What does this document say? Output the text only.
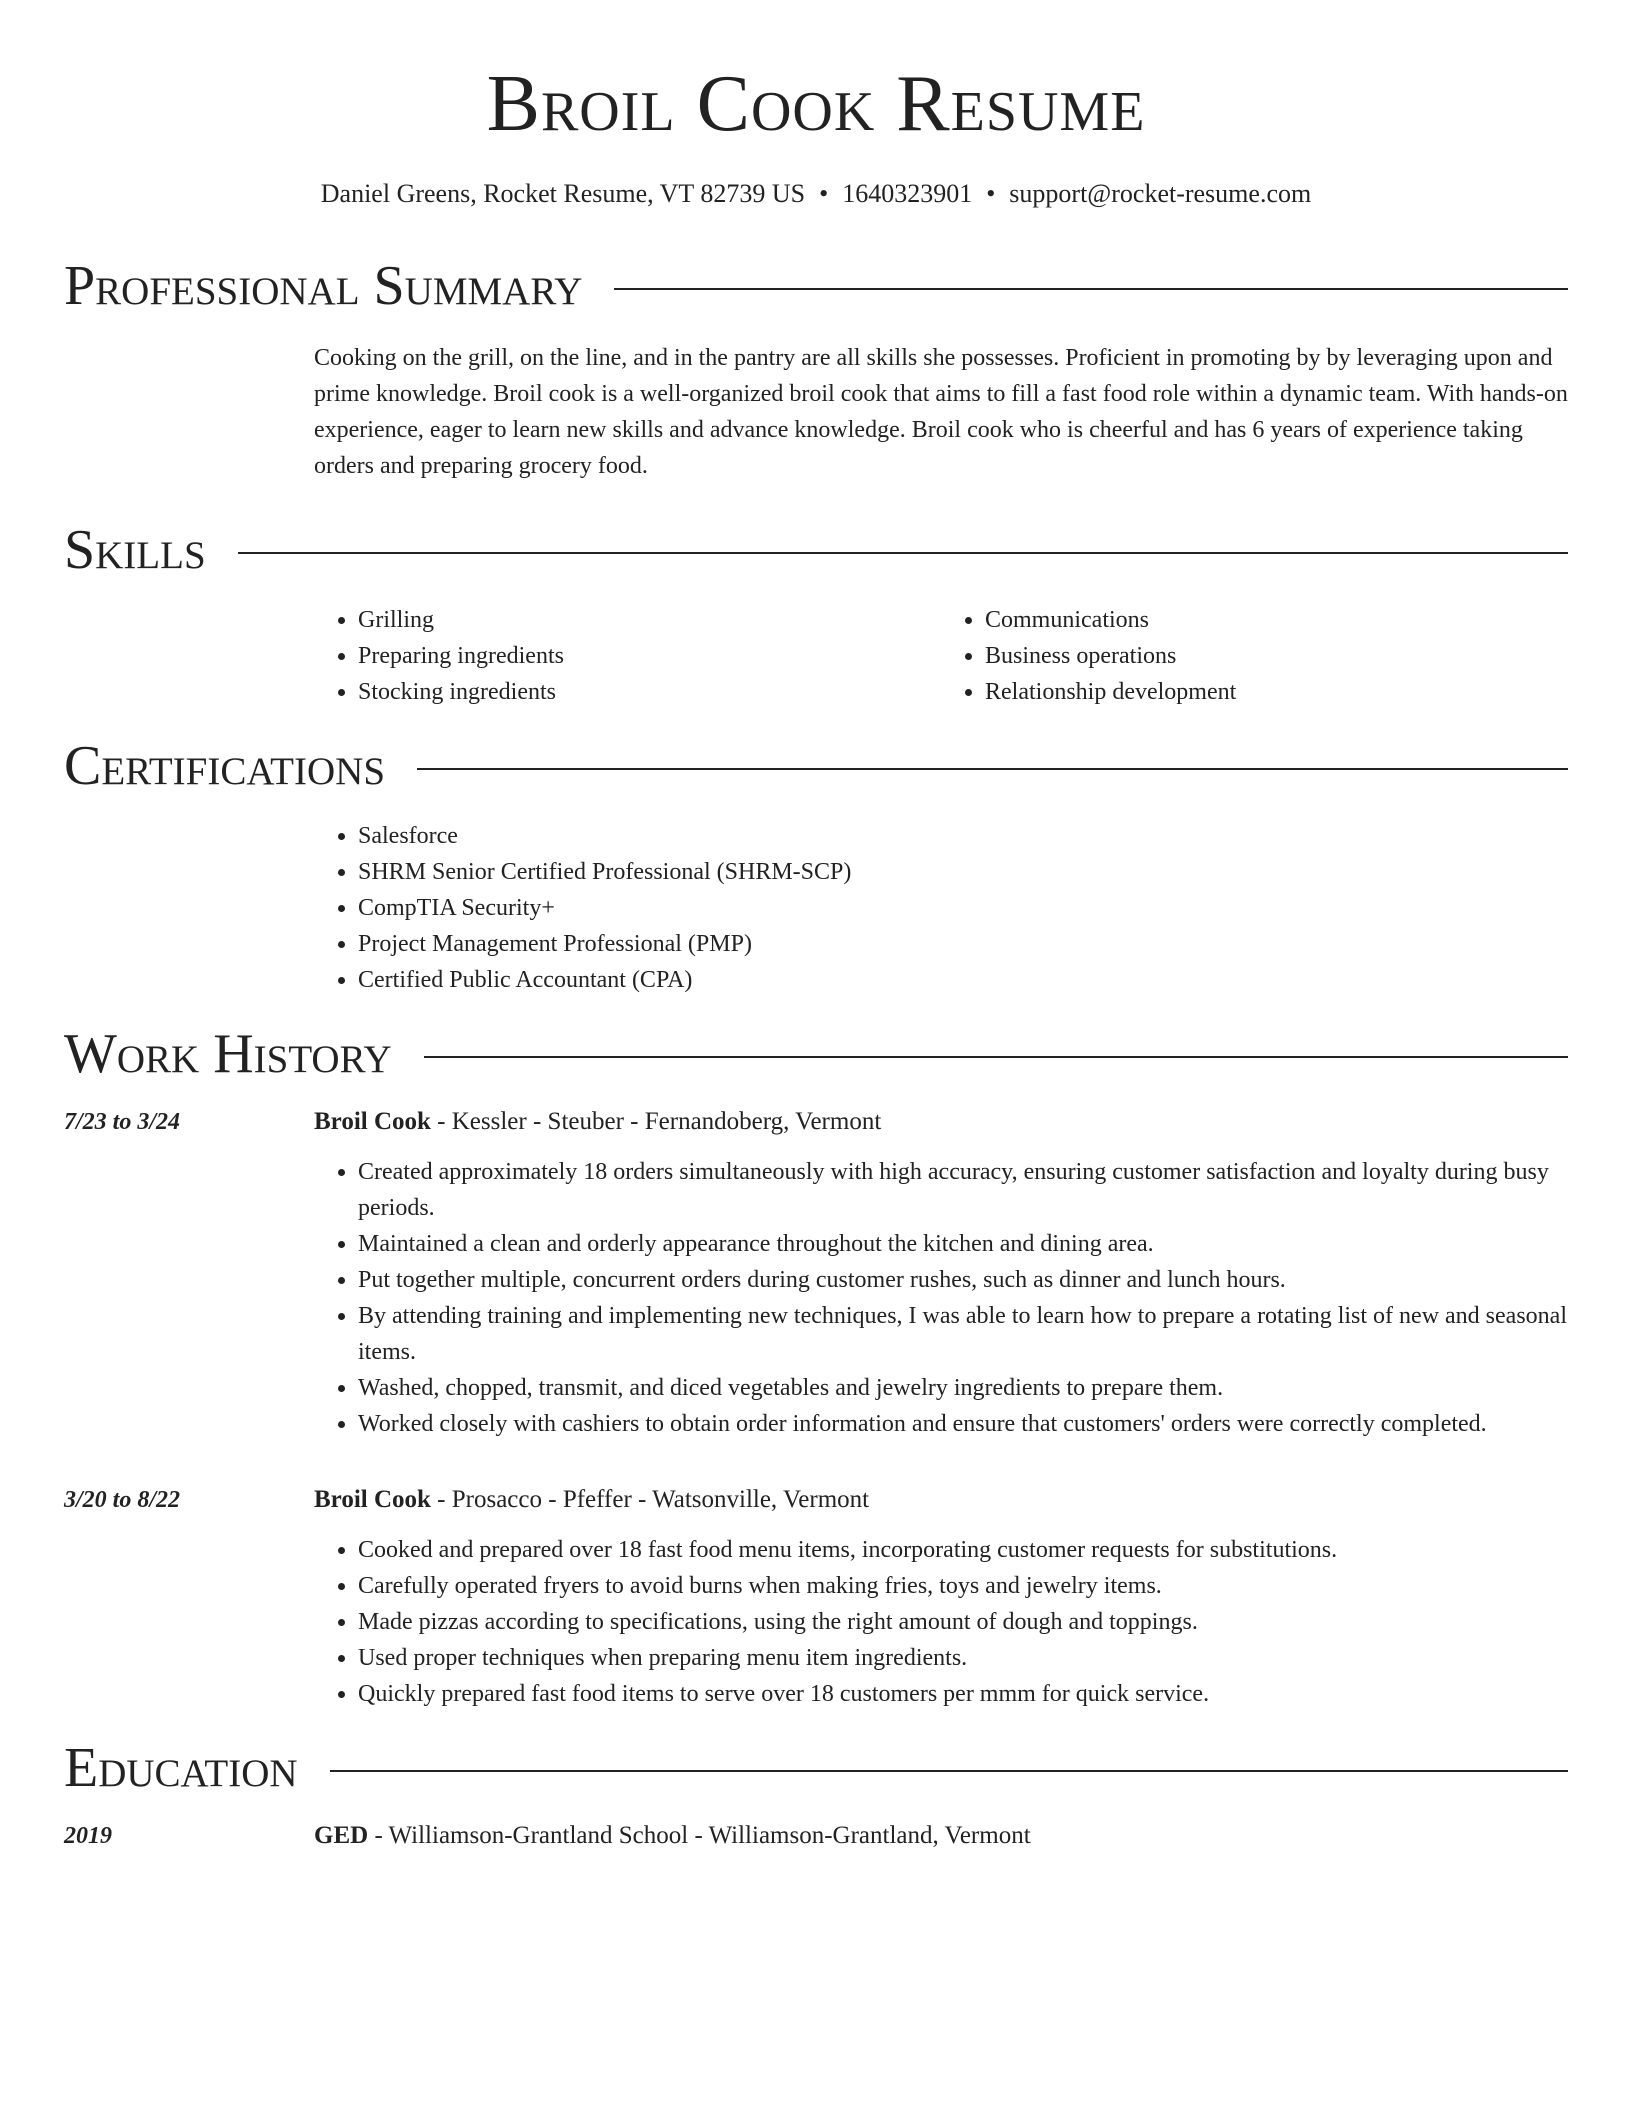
Broil Cook Resume
Daniel Greens, Rocket Resume, VT 82739 US • 1640323901 • support@rocket-resume.com
Professional Summary
Cooking on the grill, on the line, and in the pantry are all skills she possesses. Proficient in promoting by by leveraging upon and prime knowledge. Broil cook is a well-organized broil cook that aims to fill a fast food role within a dynamic team. With hands-on experience, eager to learn new skills and advance knowledge. Broil cook who is cheerful and has 6 years of experience taking orders and preparing grocery food.
Skills
• Grilling
• Preparing ingredients
• Stocking ingredients
• Communications
• Business operations
• Relationship development
Certifications
• Salesforce
• SHRM Senior Certified Professional (SHRM-SCP)
• CompTIA Security+
• Project Management Professional (PMP)
• Certified Public Accountant (CPA)
Work History
7/23 to 3/24	Broil Cook - Kessler - Steuber - Fernandoberg, Vermont
• Created approximately 18 orders simultaneously with high accuracy, ensuring customer satisfaction and loyalty during busy periods.
• Maintained a clean and orderly appearance throughout the kitchen and dining area.
• Put together multiple, concurrent orders during customer rushes, such as dinner and lunch hours.
• By attending training and implementing new techniques, I was able to learn how to prepare a rotating list of new and seasonal items.
• Washed, chopped, transmit, and diced vegetables and jewelry ingredients to prepare them.
• Worked closely with cashiers to obtain order information and ensure that customers' orders were correctly completed.
3/20 to 8/22	Broil Cook - Prosacco - Pfeffer - Watsonville, Vermont
• Cooked and prepared over 18 fast food menu items, incorporating customer requests for substitutions.
• Carefully operated fryers to avoid burns when making fries, toys and jewelry items.
• Made pizzas according to specifications, using the right amount of dough and toppings.
• Used proper techniques when preparing menu item ingredients.
• Quickly prepared fast food items to serve over 18 customers per mmm for quick service.
Education
2019	GED - Williamson-Grantland School - Williamson-Grantland, Vermont
